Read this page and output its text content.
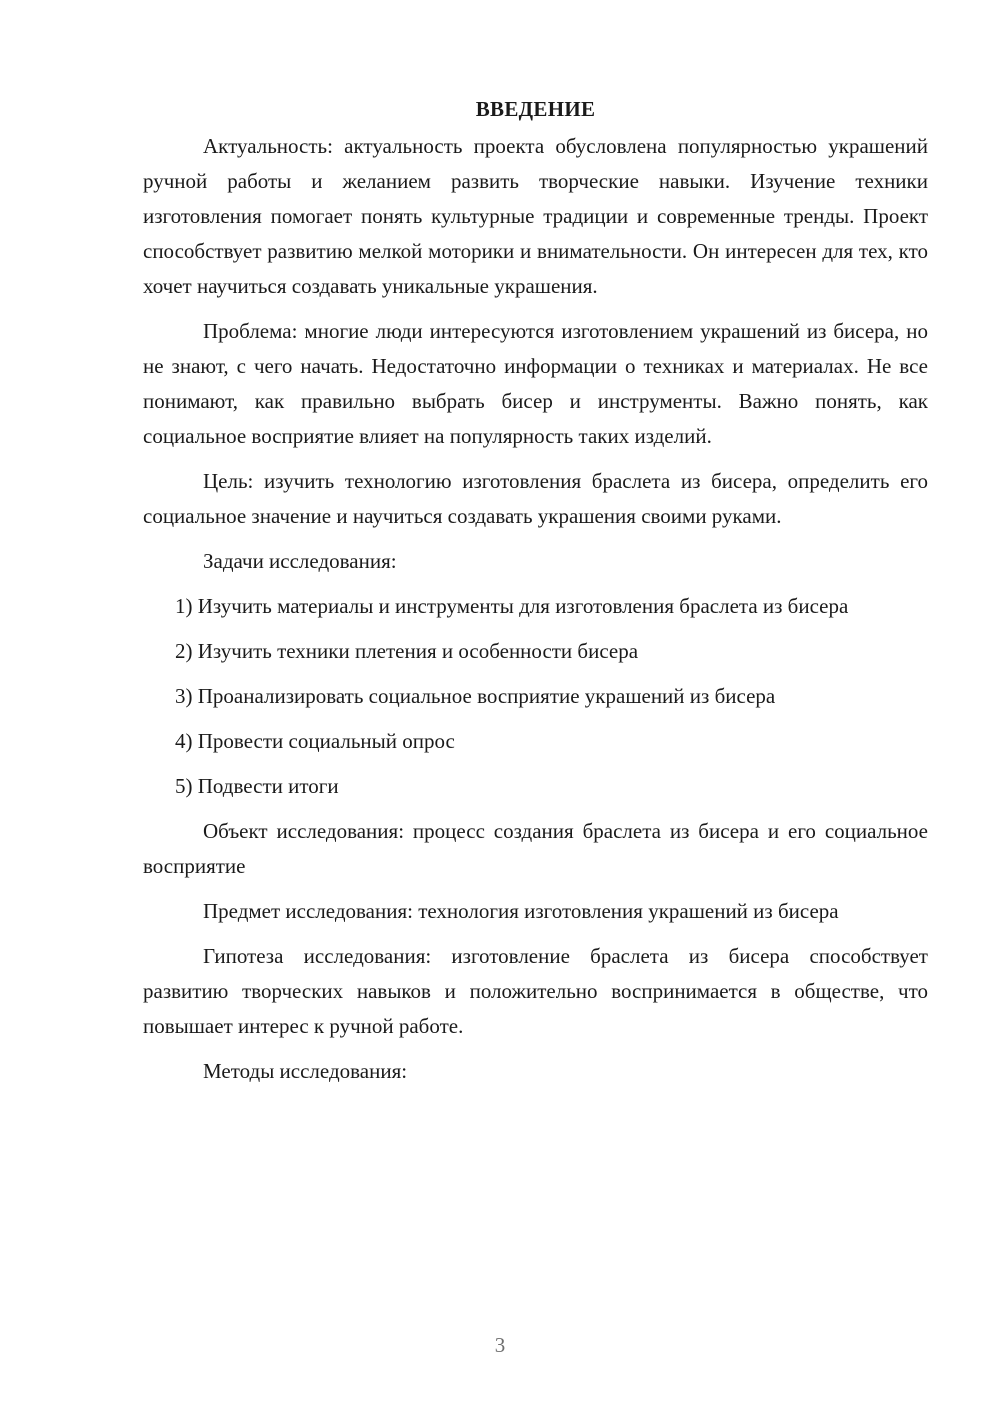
ВВЕДЕНИЕ

Актуальность: актуальность проекта обусловлена популярностью украшений ручной работы и желанием развить творческие навыки. Изучение техники изготовления помогает понять культурные традиции и современные тренды. Проект способствует развитию мелкой моторики и внимательности. Он интересен для тех, кто хочет научиться создавать уникальные украшения.

Проблема: многие люди интересуются изготовлением украшений из бисера, но не знают, с чего начать. Недостаточно информации о техниках и материалах. Не все понимают, как правильно выбрать бисер и инструменты. Важно понять, как социальное восприятие влияет на популярность таких изделий.

Цель: изучить технологию изготовления браслета из бисера, определить его социальное значение и научиться создавать украшения своими руками.

Задачи исследования:

1) Изучить материалы и инструменты для изготовления браслета из бисера

2) Изучить техники плетения и особенности бисера

3) Проанализировать социальное восприятие украшений из бисера

4) Провести социальный опрос

5) Подвести итоги

Объект исследования: процесс создания браслета из бисера и его социальное восприятие

Предмет исследования: технология изготовления украшений из бисера

Гипотеза исследования: изготовление браслета из бисера способствует развитию творческих навыков и положительно воспринимается в обществе, что повышает интерес к ручной работе.

Методы исследования:

3
